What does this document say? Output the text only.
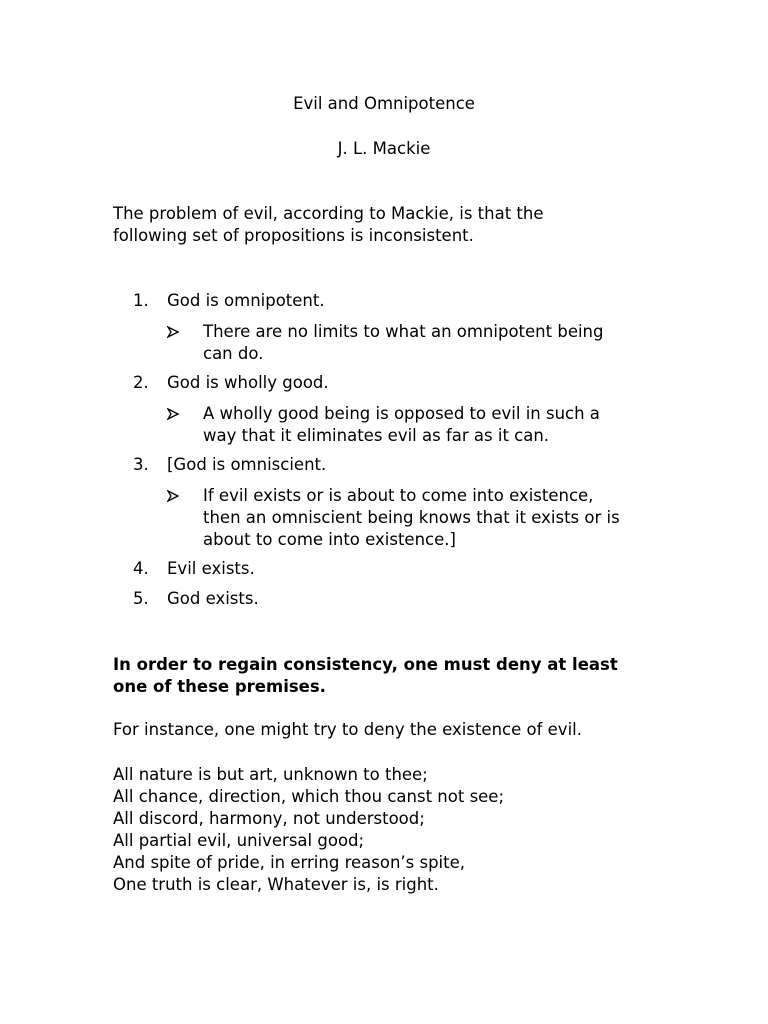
Evil and Omnipotence
J. L. Mackie
The problem of evil, according to Mackie, is that the
following set of propositions is inconsistent.
1.	God is omnipotent.
There are no limits to what an omnipotent being
can do.
2.	God is wholly good.
A wholly good being is opposed to evil in such a
way that it eliminates evil as far as it can.
3.	[God is omniscient.
If evil exists or is about to come into existence,
then an omniscient being knows that it exists or is
about to come into existence.]
4.	Evil exists.
5.	God exists.
In order to regain consistency, one must deny at least
one of these premises.
For instance, one might try to deny the existence of evil.
All nature is but art, unknown to thee;
All chance, direction, which thou canst not see;
All discord, harmony, not understood;
All partial evil, universal good;
And spite of pride, in erring reason’s spite,
One truth is clear, Whatever is, is right.
